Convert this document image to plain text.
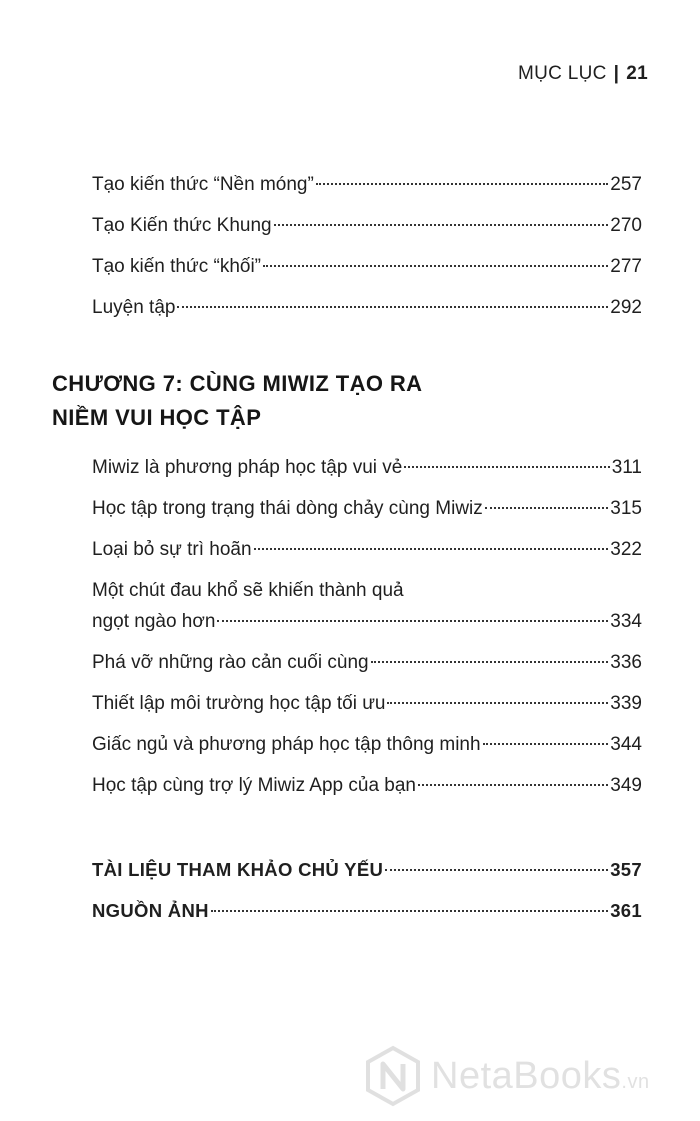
MỤC LỤC | 21
Tạo kiến thức “Nền móng”	257
Tạo Kiến thức Khung	270
Tạo kiến thức “khối”	277
Luyện tập	292
CHƯƠNG 7: CÙNG MIWIZ TẠO RA
NIỀM VUI HỌC TẬP
Miwiz là phương pháp học tập vui vẻ	311
Học tập trong trạng thái dòng chảy cùng Miwiz	315
Loại bỏ sự trì hoãn	322
Một chút đau khổ sẽ khiến thành quả
ngọt ngào hơn	334
Phá vỡ những rào cản cuối cùng	336
Thiết lập môi trường học tập tối ưu	339
Giấc ngủ và phương pháp học tập thông minh	344
Học tập cùng trợ lý Miwiz App của bạn	349
TÀI LIỆU THAM KHẢO CHỦ YẾU	357
NGUỒN ẢNH	361
NetaBooks.vn
